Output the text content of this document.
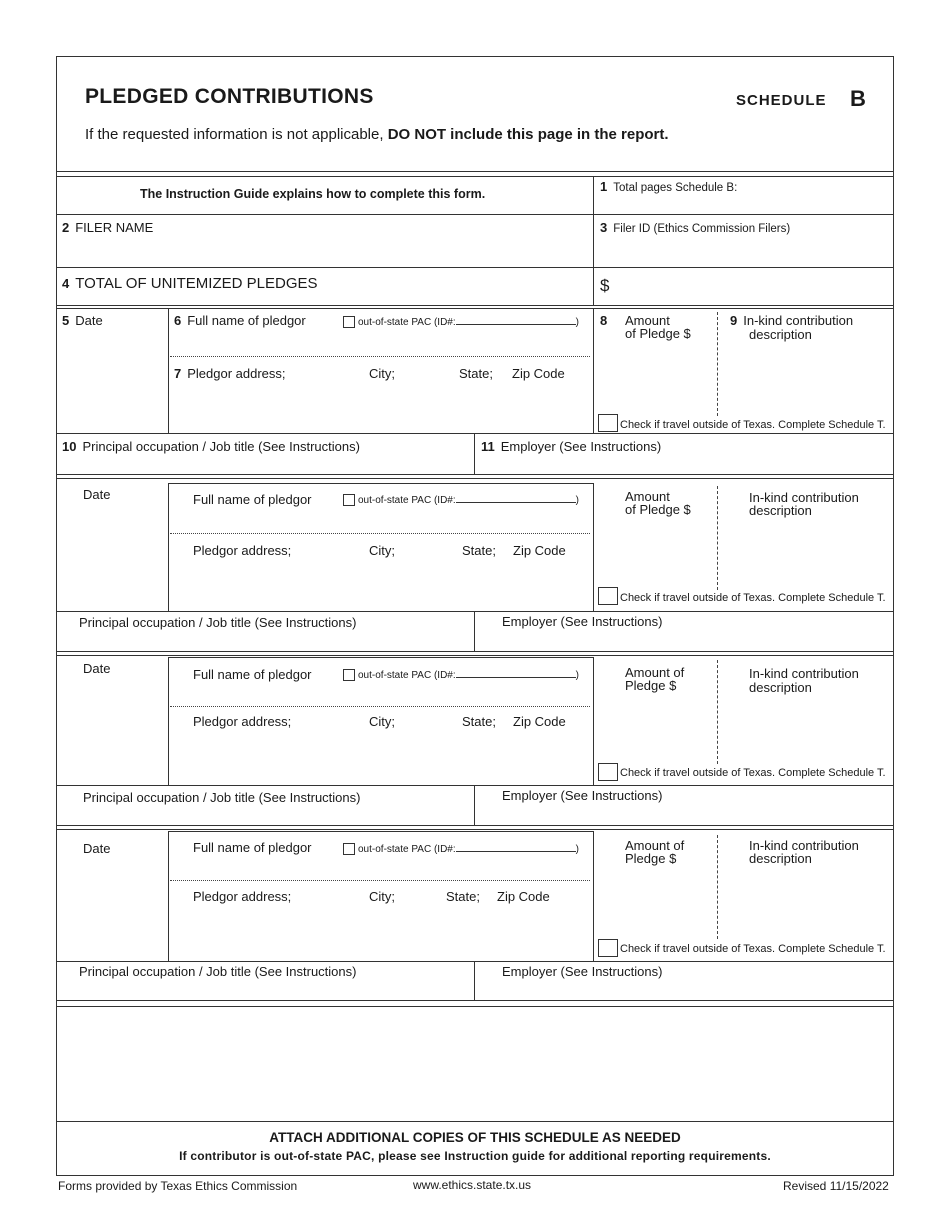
PLEDGED CONTRIBUTIONS	SCHEDULE B
If the requested information is not applicable, DO NOT include this page in the report.
The Instruction Guide explains how to complete this form.	1 Total pages Schedule B:
2 FILER NAME	3 Filer ID (Ethics Commission Filers)
4 TOTAL OF UNITEMIZED PLEDGES	$
5 Date	6 Full name of pledgor	out-of-state PAC (ID#:	)
7 Pledgor address;	City;	State; Zip Code
8	Amount
of Pledge $
9 In-kind contribution
description
Check if travel outside of Texas. Complete Schedule T.
10 Principal occupation / Job title (See Instructions)	11 Employer (See Instructions)
Date	Full name of pledgor	out-of-state PAC (ID#:	)
Pledgor address;	City;	State; Zip Code
Amount
of Pledge $
In-kind contribution
description
Check if travel outside of Texas. Complete Schedule T.
Principal occupation / Job title (See Instructions)	Employer (See Instructions)
Date	Full name of pledgor	out-of-state PAC (ID#:	)
Pledgor address;	City;	State; Zip Code
Amount of
Pledge $
In-kind contribution
description
Check if travel outside of Texas. Complete Schedule T.
Principal occupation / Job title (See Instructions)	Employer (See Instructions)
Date	Full name of pledgor	out-of-state PAC (ID#:	)
Pledgor address;	City;	State; Zip Code
Amount of
Pledge $
In-kind contribution
description
Check if travel outside of Texas. Complete Schedule T.
Principal occupation / Job title (See Instructions)	Employer (See Instructions)
ATTACH ADDITIONAL COPIES OF THIS SCHEDULE AS NEEDED
If contributor is out-of-state PAC, please see Instruction guide for additional reporting requirements.
Forms provided by Texas Ethics Commission	www.ethics.state.tx.us	Revised 11/15/2022
